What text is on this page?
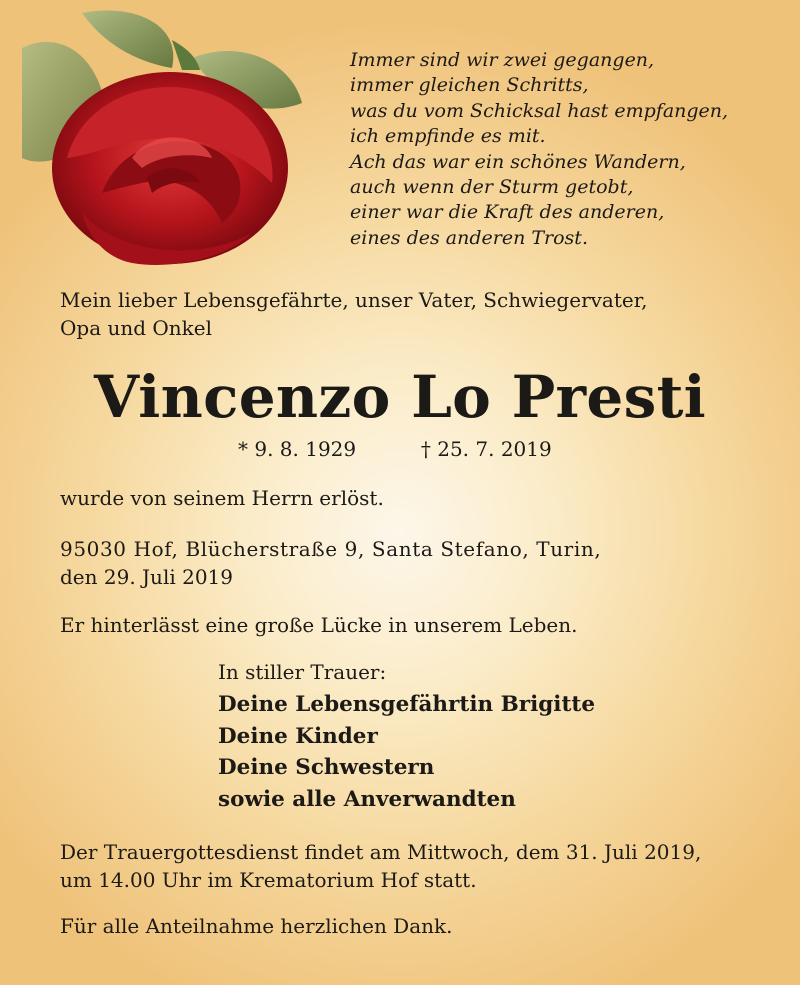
Immer sind wir zwei gegangen,
immer gleichen Schritts,
was du vom Schicksal hast empfangen,
ich empfinde es mit.
Ach das war ein schönes Wandern,
auch wenn der Sturm getobt,
einer war die Kraft des anderen,
eines des anderen Trost.
Mein lieber Lebensgefährte, unser Vater, Schwiegervater,
Opa und Onkel
Vincenzo Lo Presti
* 9. 8. 1929	† 25. 7. 2019
wurde von seinem Herrn erlöst.
95030 Hof, Blücherstraße 9, Santa Stefano, Turin,
den 29. Juli 2019
Er hinterlässt eine große Lücke in unserem Leben.
In stiller Trauer:
Deine Lebensgefährtin Brigitte
Deine Kinder
Deine Schwestern
sowie alle Anverwandten
Der Trauergottesdienst findet am Mittwoch, dem 31. Juli 2019,
um 14.00 Uhr im Krematorium Hof statt.
Für alle Anteilnahme herzlichen Dank.
